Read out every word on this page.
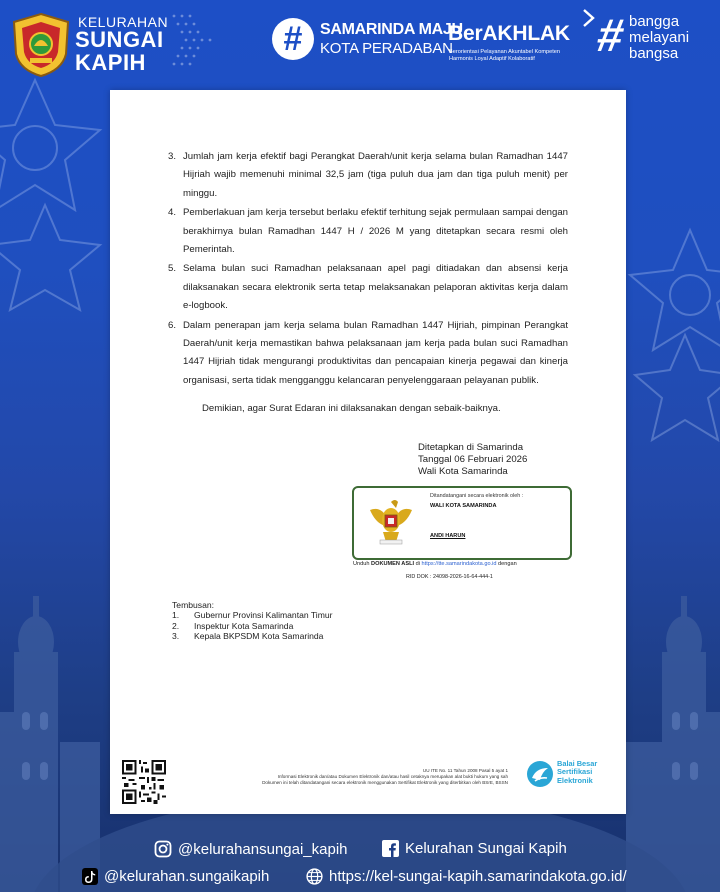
KELURAHAN
SUNGAI
KAPIH
#	SAMARINDA MAJU
KOTA PERADABAN
BerAKHLAK
Berorientasi Pelayanan Akuntabel Kompeten
Harmonis Loyal Adaptif Kolaboratif # bangga
melayani
bangsa
3. Jumlah jam kerja efektif bagi Perangkat Daerah/unit kerja selama bulan Ramadhan 1447 Hijriah wajib memenuhi minimal 32,5 jam (tiga puluh dua jam dan tiga puluh menit) per minggu.
4. Pemberlakuan jam kerja tersebut berlaku efektif terhitung sejak permulaan sampai dengan berakhirnya bulan Ramadhan 1447 H / 2026 M yang ditetapkan secara resmi oleh Pemerintah.
5. Selama bulan suci Ramadhan pelaksanaan apel pagi ditiadakan dan absensi kerja dilaksanakan secara elektronik serta tetap melaksanakan pelaporan aktivitas kerja dalam e-logbook.
6. Dalam penerapan jam kerja selama bulan Ramadhan 1447 Hijriah, pimpinan Perangkat Daerah/unit kerja memastikan bahwa pelaksanaan jam kerja pada bulan suci Ramadhan 1447 Hijriah tidak mengurangi produktivitas dan pencapaian kinerja pegawai dan kinerja organisasi, serta tidak mengganggu kelancaran penyelenggaraan pelayanan publik.
Demikian, agar Surat Edaran ini dilaksanakan dengan sebaik-baiknya.
Ditetapkan di Samarinda
Tanggal 06 Februari 2026
Wali Kota Samarinda
Ditandatangani secara elektronik oleh :
WALI KOTA SAMARINDA
ANDI HARUN
Unduh DOKUMEN ASLI di https://tte.samarindakota.go.id dengan
RID DOK : 24098-2026-16-64-444-1
Tembusan:
1. Gubernur Provinsi Kalimantan Timur
2. Inspektur Kota Samarinda
3. Kepala BKPSDM Kota Samarinda
UU ITE No. 11 Tahun 2008 Pasal 5 ayat 1
Informasi Elektronik dan/atau Dokumen Elektronik dan/atau hasil cetaknya merupakan alat bukti hukum yang sah
Dokumen ini telah ditandatangani secara elektronik menggunakan Sertifikat Elektronik yang diterbitkan oleh BSrE, BSSN
Balai Besar
Sertifikasi
Elektronik
@kelurahansungai_kapih	Kelurahan Sungai Kapih
@kelurahan.sungaikapih	https://kel-sungai-kapih.samarindakota.go.id/
